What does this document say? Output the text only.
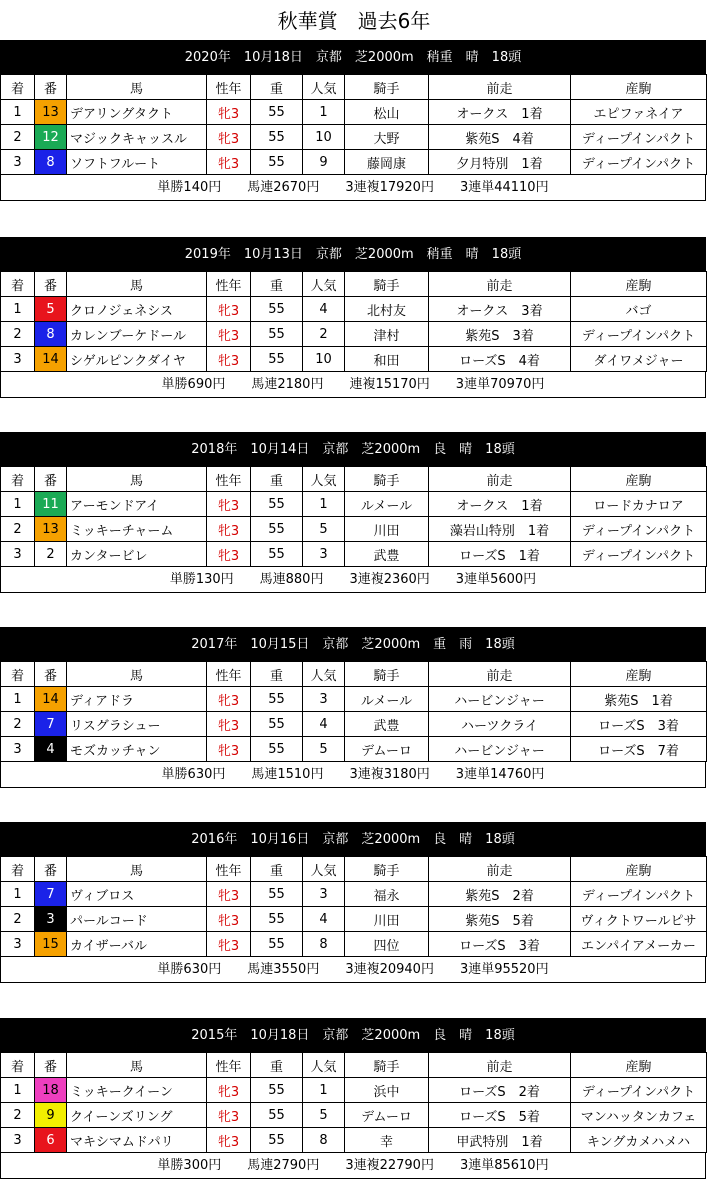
秋華賞　過去6年
2020年　10月18日　京都　芝2000m　稍重　晴　18頭
着	番	馬	性年	重	人気	騎手	前走	産駒
1	13	デアリングタクト	牝3	55	1	松山	オークス　1着	エピファネイア
2	12	マジックキャッスル	牝3	55	10	大野	紫苑S　4着	ディープインパクト
3	8	ソフトフルート	牝3	55	9	藤岡康	夕月特別　1着	ディープインパクト
単勝140円　　馬連2670円　　3連複17920円　　3連単44110円
2019年　10月13日　京都　芝2000m　稍重　晴　18頭
着	番	馬	性年	重	人気	騎手	前走	産駒
1	5	クロノジェネシス	牝3	55	4	北村友	オークス　3着	バゴ
2	8	カレンブーケドール	牝3	55	2	津村	紫苑S　3着	ディープインパクト
3	14	シゲルピンクダイヤ	牝3	55	10	和田	ローズS　4着	ダイワメジャー
単勝690円　　馬連2180円　　連複15170円　　3連単70970円
2018年　10月14日　京都　芝2000m　良　晴　18頭
着	番	馬	性年	重	人気	騎手	前走	産駒
1	11	アーモンドアイ	牝3	55	1	ルメール	オークス　1着	ロードカナロア
2	13	ミッキーチャーム	牝3	55	5	川田	藻岩山特別　1着	ディープインパクト
3	2	カンタービレ	牝3	55	3	武豊	ローズS　1着	ディープインパクト
単勝130円　　馬連880円　　3連複2360円　　3連単5600円
2017年　10月15日　京都　芝2000m　重　雨　18頭
着	番	馬	性年	重	人気	騎手	前走	産駒
1	14	ディアドラ	牝3	55	3	ルメール	ハービンジャー	紫苑S　1着
2	7	リスグラシュー	牝3	55	4	武豊	ハーツクライ	ローズS　3着
3	4	モズカッチャン	牝3	55	5	デムーロ	ハービンジャー	ローズS　7着
単勝630円　　馬連1510円　　3連複3180円　　3連単14760円
2016年　10月16日　京都　芝2000m　良　晴　18頭
着	番	馬	性年	重	人気	騎手	前走	産駒
1	7	ヴィブロス	牝3	55	3	福永	紫苑S　2着	ディープインパクト
2	3	パールコード	牝3	55	4	川田	紫苑S　5着	ヴィクトワールピサ
3	15	カイザーバル	牝3	55	8	四位	ローズS　3着	エンパイアメーカー
単勝630円　　馬連3550円　　3連複20940円　　3連単95520円
2015年　10月18日　京都　芝2000m　良　晴　18頭
着	番	馬	性年	重	人気	騎手	前走	産駒
1	18	ミッキークイーン	牝3	55	1	浜中	ローズS　2着	ディープインパクト
2	9	クイーンズリング	牝3	55	5	デムーロ	ローズS　5着	マンハッタンカフェ
3	6	マキシマムドパリ	牝3	55	8	幸	甲武特別　1着	キングカメハメハ
単勝300円　　馬連2790円　　3連複22790円　　3連単85610円
